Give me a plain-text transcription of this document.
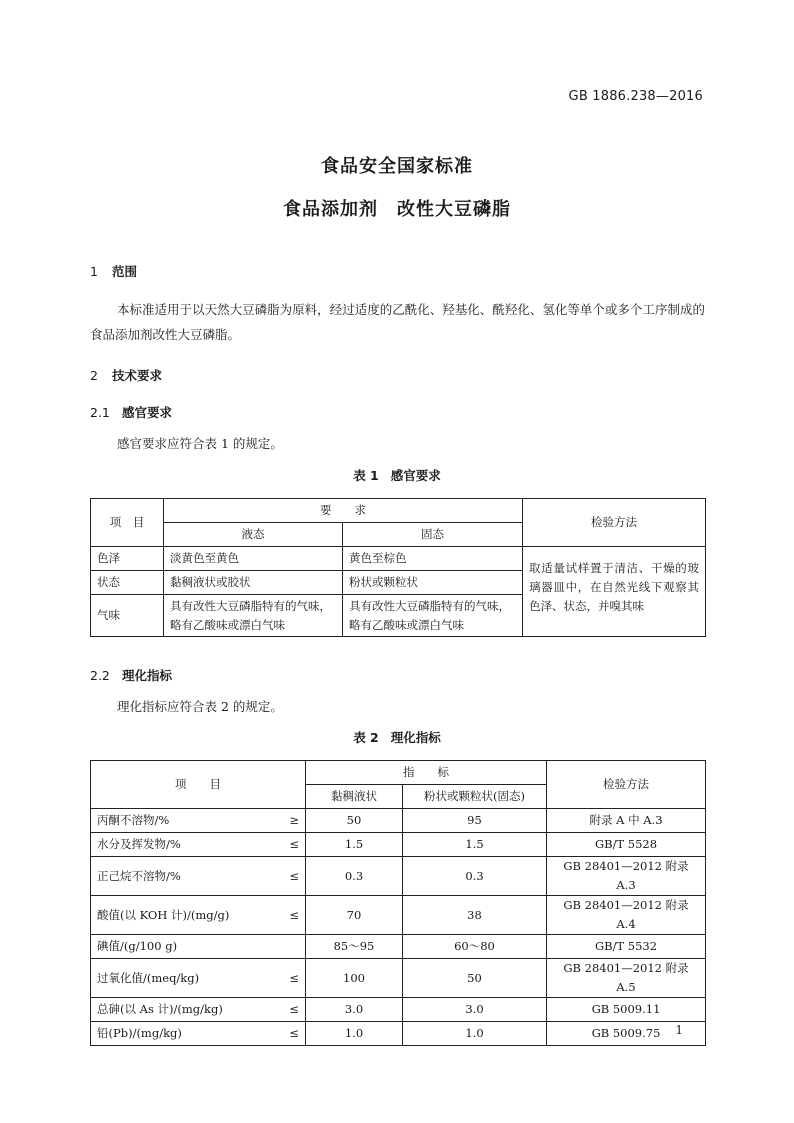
GB 1886.238—2016
食品安全国家标准
食品添加剂　改性大豆磷脂
1 范围
本标准适用于以天然大豆磷脂为原料，经过适度的乙酰化、羟基化、酰羟化、氢化等单个或多个工序制成的食品添加剂改性大豆磷脂。
2 技术要求
2.1 感官要求
感官要求应符合表 1 的规定。
表 1 感官要求
项　目	要　　求		检验方法
	液态	固态	
色泽	淡黄色至黄色	黄色至棕色	取适量试样置于清洁、干燥的玻璃器皿中，在自然光线下观察其色泽、状态，并嗅其味
状态	黏稠液状或胶状	粉状或颗粒状	
气味	具有改性大豆磷脂特有的气味，略有乙酸味或漂白气味	具有改性大豆磷脂特有的气味，略有乙酸味或漂白气味	
2.2 理化指标
理化指标应符合表 2 的规定。
表 2 理化指标
项　　目	指　　标		检验方法
	黏稠液状	粉状或颗粒状(固态)	
丙酮不溶物/% ≥	50	95	附录 A 中 A.3
水分及挥发物/% ≤	1.5	1.5	GB/T 5528
正己烷不溶物/% ≤	0.3	0.3	GB 28401—2012 附录 A.3
酸值(以 KOH 计)/(mg/g) ≤	70	38	GB 28401—2012 附录 A.4
碘值/(g/100 g)	85～95	60～80	GB/T 5532
过氧化值/(meq/kg) ≤	100	50	GB 28401—2012 附录 A.5
总砷(以 As 计)/(mg/kg) ≤	3.0	3.0	GB 5009.11
铅(Pb)/(mg/kg) ≤	1.0	1.0	GB 5009.75 1
